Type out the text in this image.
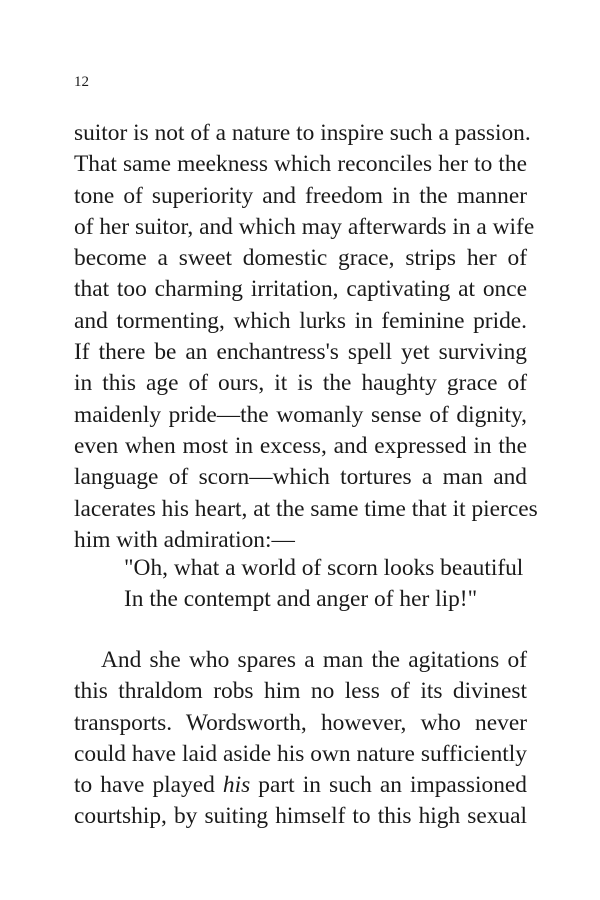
12
suitor is not of a nature to inspire such a passion.
That same meekness which reconciles her to the
tone of superiority and freedom in the manner
of her suitor, and which may afterwards in a wife
become a sweet domestic grace, strips her of
that too charming irritation, captivating at once
and tormenting, which lurks in feminine pride.
If there be an enchantress's spell yet surviving
in this age of ours, it is the haughty grace of
maidenly pride—the womanly sense of dignity,
even when most in excess, and expressed in the
language of scorn—which tortures a man and
lacerates his heart, at the same time that it pierces
him with admiration:—
"Oh, what a world of scorn looks beautiful
In the contempt and anger of her lip!"
And she who spares a man the agitations of
this thraldom robs him no less of its divinest
transports. Wordsworth, however, who never
could have laid aside his own nature sufficiently
to have played his part in such an impassioned
courtship, by suiting himself to this high sexual
